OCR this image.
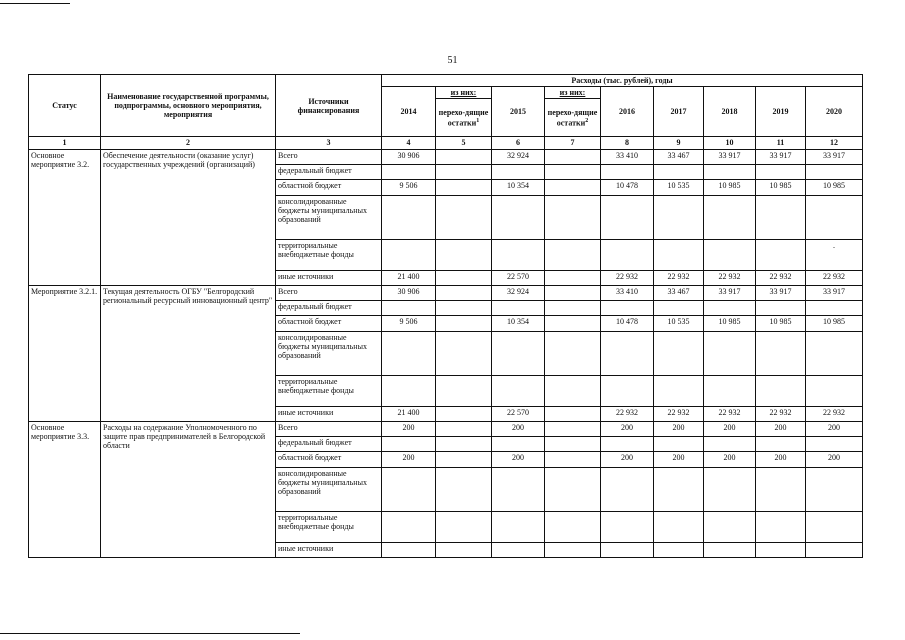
51
Статус	Наименование государственной программы, подпрограммы, основного мероприятия, мероприятия	Источники финансирования	Расходы (тыс. рублей), годы								
			2014	из них:	2015	из них:	2016	2017	2018	2019	2020
				перехо-дящие остатки$^1$		перехо-дящие остатки$^2$
1	2	3	4	5	6	7	8	9	10	11	12
Основное мероприятие 3.2.	Обеспечение деятельности (оказание услуг) государственных учреждений (организаций)	Всего	30 906		32 924		33 410	33 467	33 917	33 917	33 917
		федеральный бюджет									
		областной бюджет	9 506		10 354		10 478	10 535	10 985	10 985	10 985
		консолидированные бюджеты муниципальных образований									
		территориальные внебюджетные фонды									.
		иные источники	21 400		22 570		22 932	22 932	22 932	22 932	22 932
Мероприятие 3.2.1.	Текущая деятельность ОГБУ "Белгородский региональный ресурсный инновационный центр"	Всего	30 906		32 924		33 410	33 467	33 917	33 917	33 917
		федеральный бюджет									
		областной бюджет	9 506		10 354		10 478	10 535	10 985	10 985	10 985
		консолидированные бюджеты муниципальных образований									
		территориальные внебюджетные фонды									
		иные источники	21 400		22 570		22 932	22 932	22 932	22 932	22 932
Основное мероприятие 3.3.	Расходы на содержание Уполномоченного по защите прав предпринимателей в Белгородской области	Всего	200		200		200	200	200	200	200
		федеральный бюджет									
		областной бюджет	200		200		200	200	200	200	200
		консолидированные бюджеты муниципальных образований									
		территориальные внебюджетные фонды									
		иные источники									
